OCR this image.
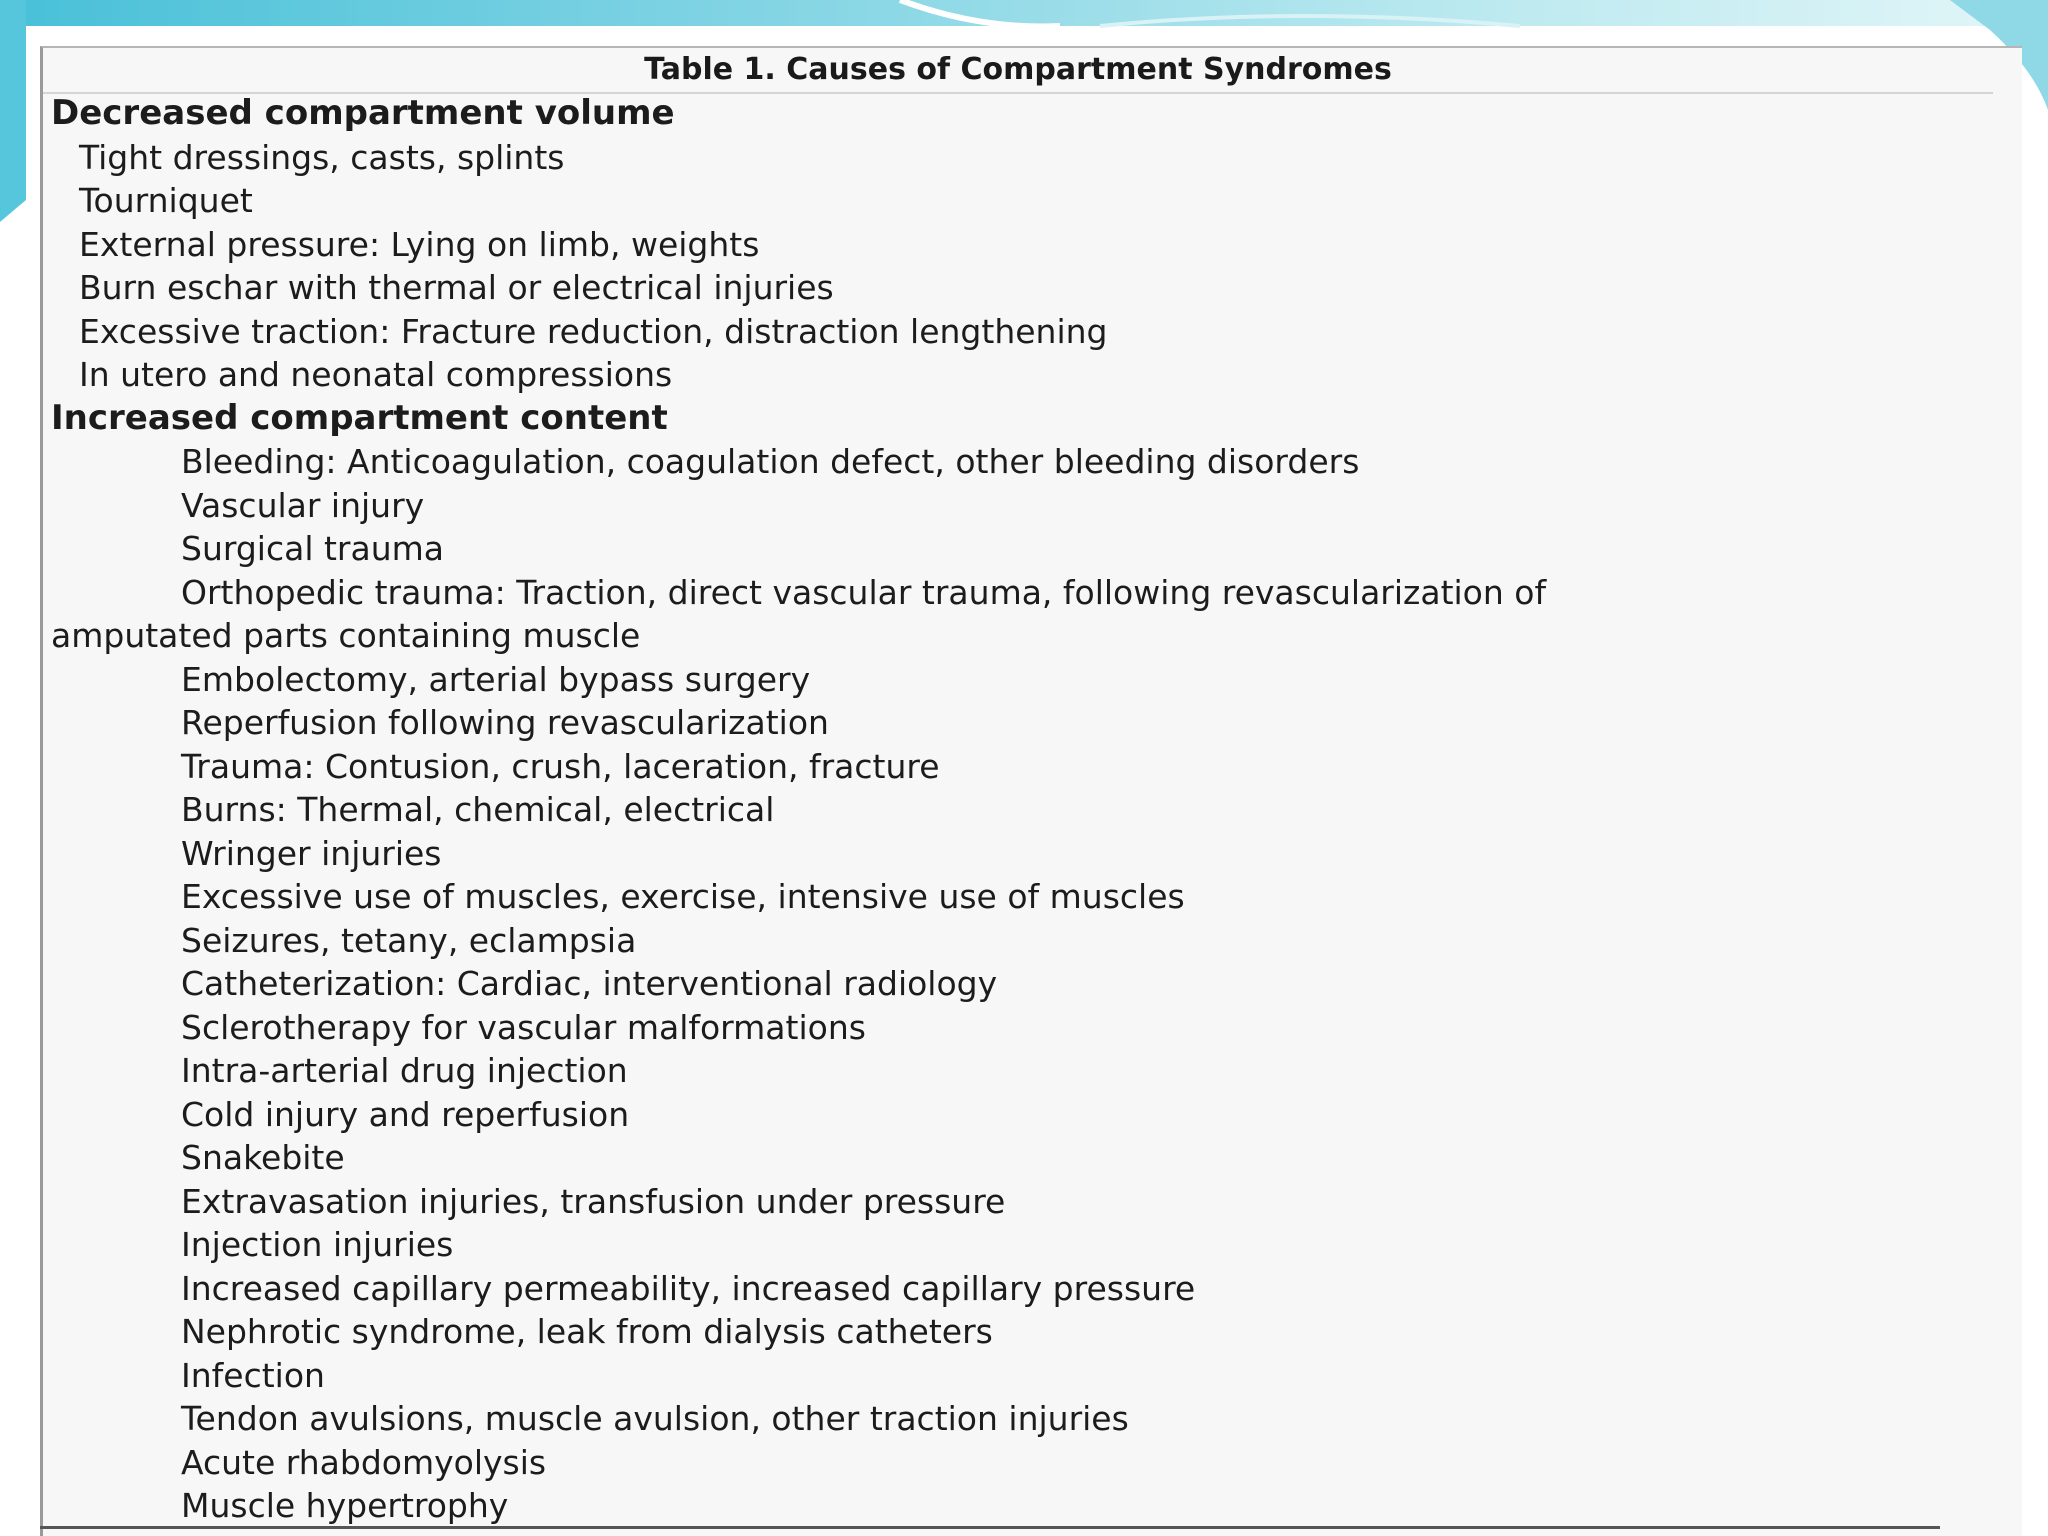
Table 1. Causes of Compartment Syndromes
Decreased compartment volume
Tight dressings, casts, splints
Tourniquet
External pressure: Lying on limb, weights
Burn eschar with thermal or electrical injuries
Excessive traction: Fracture reduction, distraction lengthening
In utero and neonatal compressions
Increased compartment content
Bleeding: Anticoagulation, coagulation defect, other bleeding disorders
Vascular injury
Surgical trauma
Orthopedic trauma: Traction, direct vascular trauma, following revascularization of
amputated parts containing muscle
Embolectomy, arterial bypass surgery
Reperfusion following revascularization
Trauma: Contusion, crush, laceration, fracture
Burns: Thermal, chemical, electrical
Wringer injuries
Excessive use of muscles, exercise, intensive use of muscles
Seizures, tetany, eclampsia
Catheterization: Cardiac, interventional radiology
Sclerotherapy for vascular malformations
Intra-arterial drug injection
Cold injury and reperfusion
Snakebite
Extravasation injuries, transfusion under pressure
Injection injuries
Increased capillary permeability, increased capillary pressure
Nephrotic syndrome, leak from dialysis catheters
Infection
Tendon avulsions, muscle avulsion, other traction injuries
Acute rhabdomyolysis
Muscle hypertrophy
